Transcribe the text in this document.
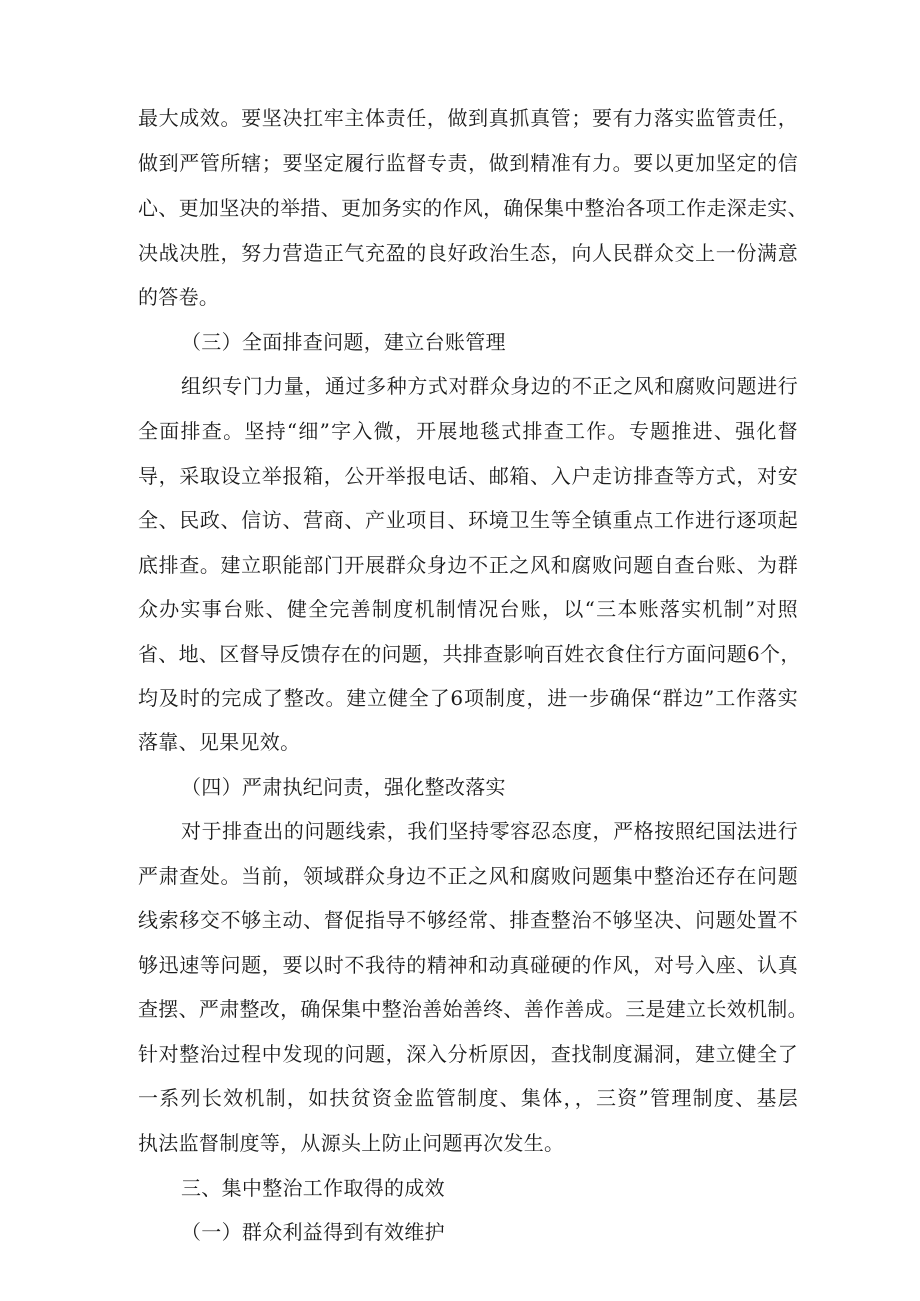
最大成效。要坚决扛牢主体责任，做到真抓真管；要有力落实监管责任，
做到严管所辖；要坚定履行监督专责，做到精准有力。要以更加坚定的信
心、更加坚决的举措、更加务实的作风，确保集中整治各项工作走深走实、
决战决胜，努力营造正气充盈的良好政治生态，向人民群众交上一份满意
的答卷。
（三）全面排查问题，建立台账管理
组织专门力量，通过多种方式对群众身边的不正之风和腐败问题进行
全面排查。坚持“细”字入微，开展地毯式排查工作。专题推进、强化督
导，采取设立举报箱，公开举报电话、邮箱、入户走访排查等方式，对安
全、民政、信访、营商、产业项目、环境卫生等全镇重点工作进行逐项起
底排查。建立职能部门开展群众身边不正之风和腐败问题自查台账、为群
众办实事台账、健全完善制度机制情况台账，以“三本账落实机制”对照
省、地、区督导反馈存在的问题，共排查影响百姓衣食住行方面问题6个，
均及时的完成了整改。建立健全了6项制度，进一步确保“群边”工作落实
落靠、见果见效。
（四）严肃执纪问责，强化整改落实
对于排查出的问题线索，我们坚持零容忍态度，严格按照纪国法进行
严肃查处。当前，领域群众身边不正之风和腐败问题集中整治还存在问题
线索移交不够主动、督促指导不够经常、排查整治不够坚决、问题处置不
够迅速等问题，要以时不我待的精神和动真碰硬的作风，对号入座、认真
查摆、严肃整改，确保集中整治善始善终、善作善成。三是建立长效机制。
针对整治过程中发现的问题，深入分析原因，查找制度漏洞，建立健全了
一系列长效机制，如扶贫资金监管制度、集体，，三资”管理制度、基层
执法监督制度等，从源头上防止问题再次发生。
三、集中整治工作取得的成效
（一）群众利益得到有效维护
